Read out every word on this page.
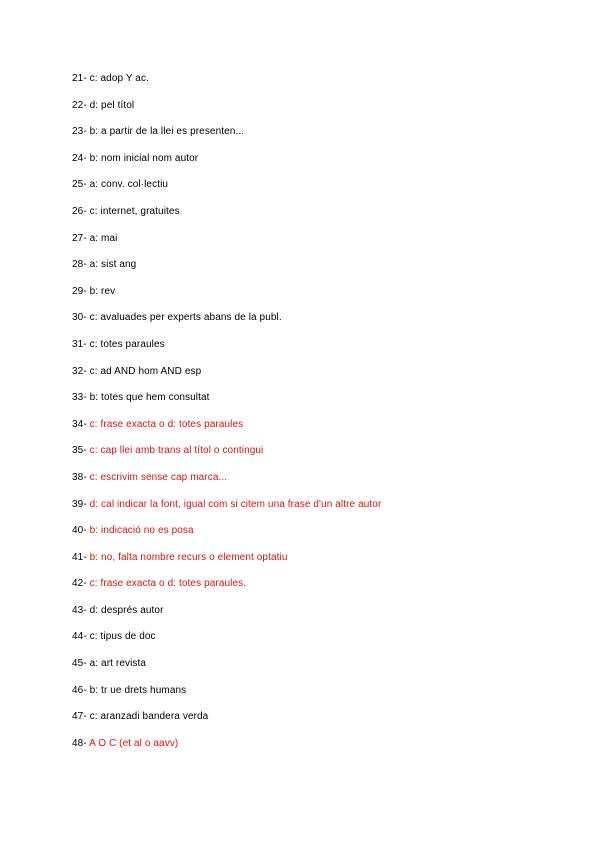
21- c: adop Y ac.
22- d: pel títol
23- b: a partir de la llei es presenten...
24- b: nom inicial nom autor
25- a: conv. col·lectiu
26- c: internet, gratuites
27- a: mai
28- a: sist ang
29- b: rev
30- c: avaluades per experts abans de la publ.
31- c: totes paraules
32- c: ad AND hom AND esp
33- b: totes que hem consultat
34- c: frase exacta o d: totes paraules
35- c: cap llei amb trans al títol o contingui
38- c: escrivim sense cap marca...
39- d: cal indicar la font, igual com si citem una frase d'un altre autor
40- b: indicació no es posa
41- b: no, falta nombre recurs o element optatiu
42- c: frase exacta o d: totes paraules.
43- d: després autor
44- c: tipus de doc
45- a: art revista
46- b: tr ue drets humans
47- c: aranzadi bandera verda
48- A O C (et al o aavv)
